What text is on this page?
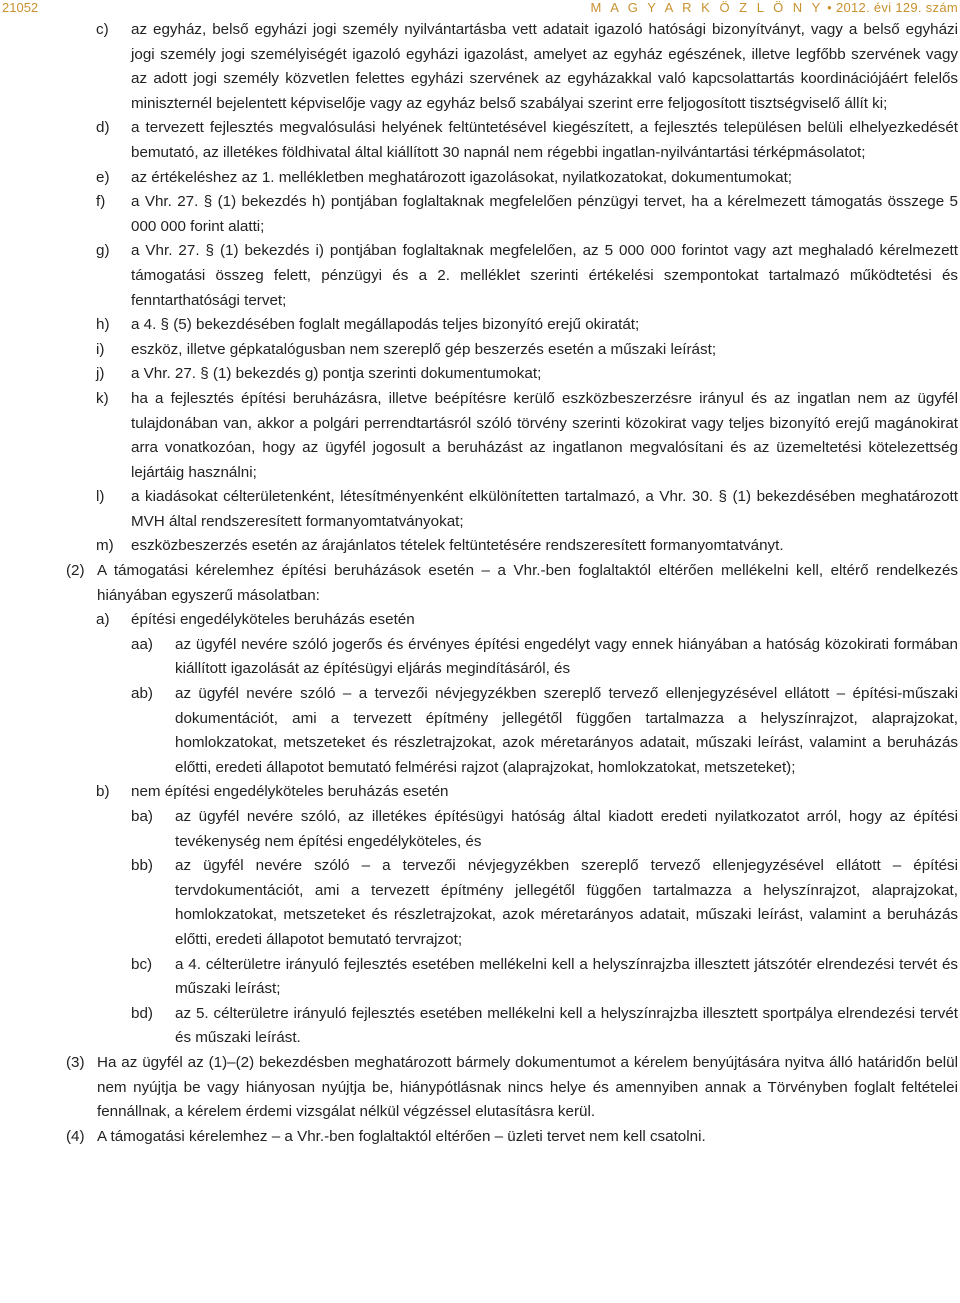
21052	M A G Y A R K Ö Z L Ö N Y • 2012. évi 129. szám
c) az egyház, belső egyházi jogi személy nyilvántartásba vett adatait igazoló hatósági bizonyítványt, vagy a belső egyházi jogi személy jogi személyiségét igazoló egyházi igazolást, amelyet az egyház egészének, illetve legfőbb szervének vagy az adott jogi személy közvetlen felettes egyházi szervének az egyházakkal való kapcsolattartás koordinációjáért felelős miniszternél bejelentett képviselője vagy az egyház belső szabályai szerint erre feljogosított tisztségviselő állít ki;
d) a tervezett fejlesztés megvalósulási helyének feltüntetésével kiegészített, a fejlesztés településen belüli elhelyezkedését bemutató, az illetékes földhivatal által kiállított 30 napnál nem régebbi ingatlan-nyilvántartási térképmásolatot;
e) az értékeléshez az 1. mellékletben meghatározott igazolásokat, nyilatkozatokat, dokumentumokat;
f) a Vhr. 27. § (1) bekezdés h) pontjában foglaltaknak megfelelően pénzügyi tervet, ha a kérelmezett támogatás összege 5 000 000 forint alatti;
g) a Vhr. 27. § (1) bekezdés i) pontjában foglaltaknak megfelelően, az 5 000 000 forintot vagy azt meghaladó kérelmezett támogatási összeg felett, pénzügyi és a 2. melléklet szerinti értékelési szempontokat tartalmazó működtetési és fenntarthatósági tervet;
h) a 4. § (5) bekezdésében foglalt megállapodás teljes bizonyító erejű okiratát;
i) eszköz, illetve gépkatalógusban nem szereplő gép beszerzés esetén a műszaki leírást;
j) a Vhr. 27. § (1) bekezdés g) pontja szerinti dokumentumokat;
k) ha a fejlesztés építési beruházásra, illetve beépítésre kerülő eszközbeszerzésre irányul és az ingatlan nem az ügyfél tulajdonában van, akkor a polgári perrendtartásról szóló törvény szerinti közokirat vagy teljes bizonyító erejű magánokirat arra vonatkozóan, hogy az ügyfél jogosult a beruházást az ingatlanon megvalósítani és az üzemeltetési kötelezettség lejártáig használni;
l) a kiadásokat célterületenként, létesítményenként elkülönítetten tartalmazó, a Vhr. 30. § (1) bekezdésében meghatározott MVH által rendszeresített formanyomtatványokat;
m) eszközbeszerzés esetén az árajánlatos tételek feltüntetésére rendszeresített formanyomtatványt.
(2) A támogatási kérelemhez építési beruházások esetén – a Vhr.-ben foglaltaktól eltérően mellékelni kell, eltérő rendelkezés hiányában egyszerű másolatban:
a) építési engedélyköteles beruházás esetén
aa) az ügyfél nevére szóló jogerős és érvényes építési engedélyt vagy ennek hiányában a hatóság közokirati formában kiállított igazolását az építésügyi eljárás megindításáról, és
ab) az ügyfél nevére szóló – a tervezői névjegyzékben szereplő tervező ellenjegyzésével ellátott – építési-műszaki dokumentációt, ami a tervezett építmény jellegétől függően tartalmazza a helyszínrajzot, alaprajzokat, homlokzatokat, metszeteket és részletrajzokat, azok méretarányos adatait, műszaki leírást, valamint a beruházás előtti, eredeti állapotot bemutató felmérési rajzot (alaprajzokat, homlokzatokat, metszeteket);
b) nem építési engedélyköteles beruházás esetén
ba) az ügyfél nevére szóló, az illetékes építésügyi hatóság által kiadott eredeti nyilatkozatot arról, hogy az építési tevékenység nem építési engedélyköteles, és
bb) az ügyfél nevére szóló – a tervezői névjegyzékben szereplő tervező ellenjegyzésével ellátott – építési tervdokumentációt, ami a tervezett építmény jellegétől függően tartalmazza a helyszínrajzot, alaprajzokat, homlokzatokat, metszeteket és részletrajzokat, azok méretarányos adatait, műszaki leírást, valamint a beruházás előtti, eredeti állapotot bemutató tervrajzot;
bc) a 4. célterületre irányuló fejlesztés esetében mellékelni kell a helyszínrajzba illesztett játszótér elrendezési tervét és műszaki leírást;
bd) az 5. célterületre irányuló fejlesztés esetében mellékelni kell a helyszínrajzba illesztett sportpálya elrendezési tervét és műszaki leírást.
(3) Ha az ügyfél az (1)–(2) bekezdésben meghatározott bármely dokumentumot a kérelem benyújtására nyitva álló határidőn belül nem nyújtja be vagy hiányosan nyújtja be, hiánypótlásnak nincs helye és amennyiben annak a Törvényben foglalt feltételei fennállnak, a kérelem érdemi vizsgálat nélkül végzéssel elutasításra kerül.
(4) A támogatási kérelemhez – a Vhr.-ben foglaltaktól eltérően – üzleti tervet nem kell csatolni.
